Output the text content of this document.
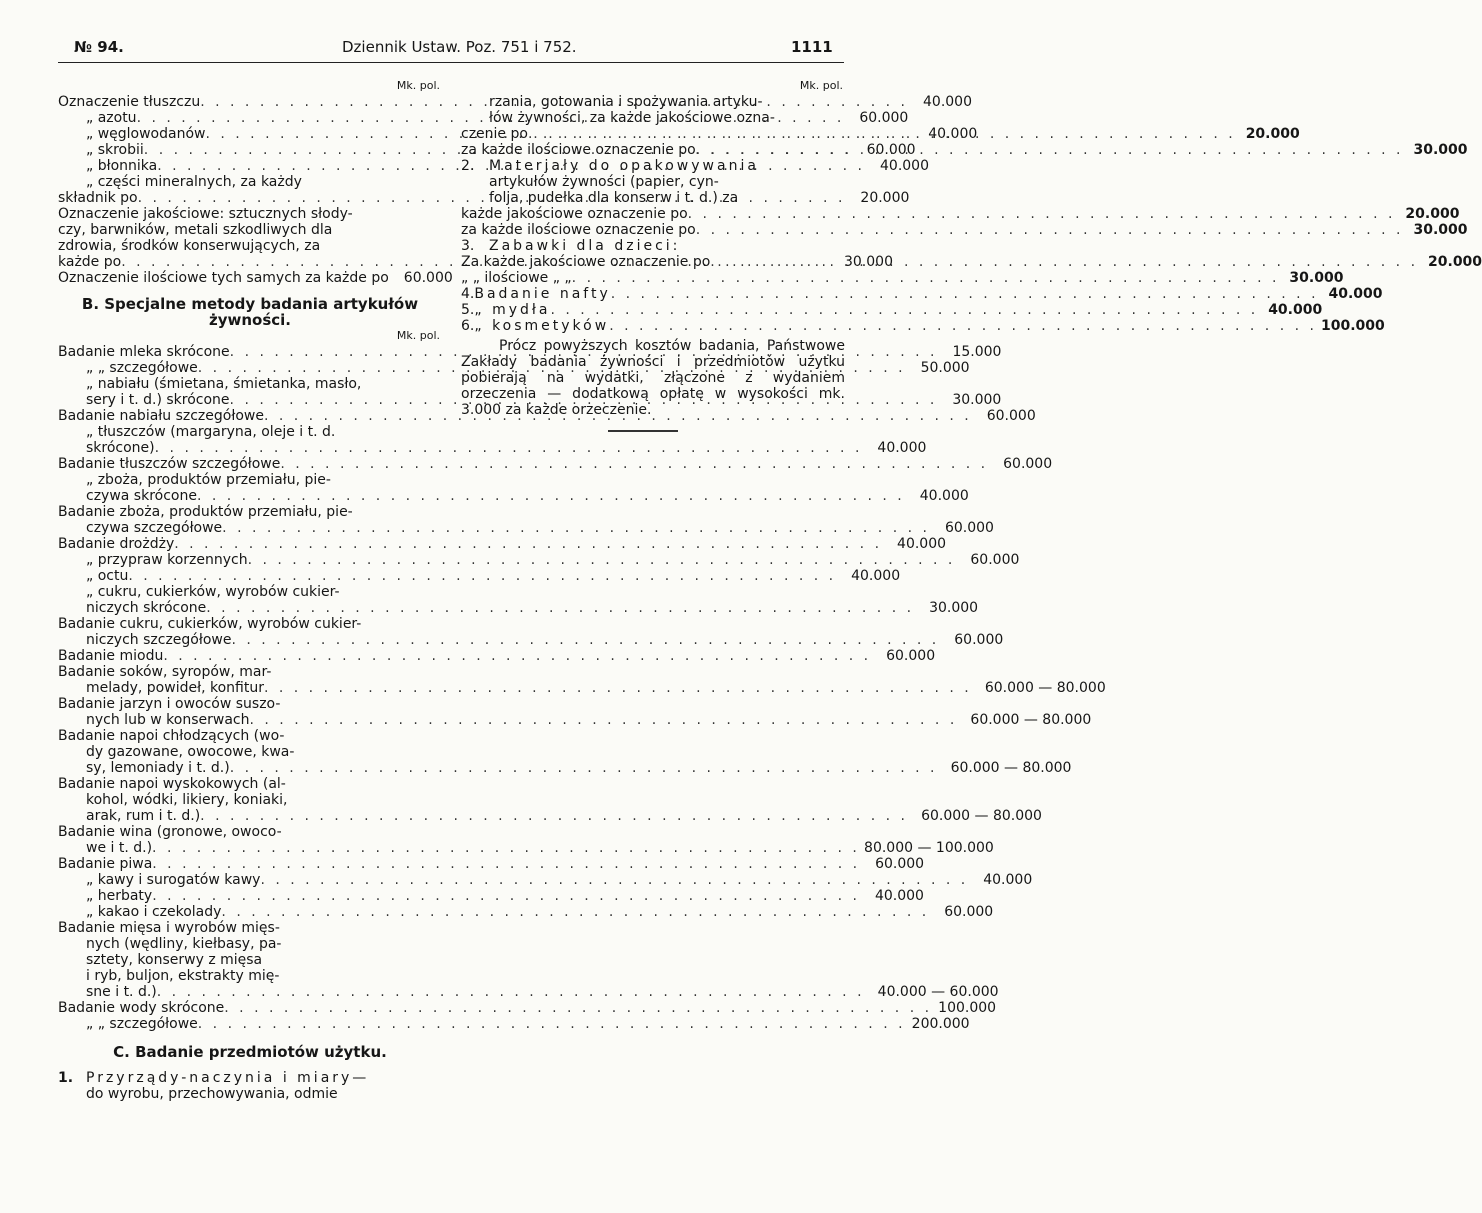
№ 94.	Dziennik Ustaw. Poz. 751 i 752.	1111
Mk. pol.
Oznaczenie tłuszczu . . .	40.000
„ azotu . . .	60.000
„ węglowodanów . . .	40.000
„ skrobii . . .	60.000
„ błonnika . . .	40.000
„ części mineralnych, za każdy
składnik po . . .	20.000
Oznaczenie jakościowe: sztucznych słody-
czy, barwników, metali szkodliwych dla
zdrowia, środków konserwujących, za
każde po . . .	30.000
Oznaczenie ilościowe tych samych za każde po	60.000
B. Specjalne metody badania artykułów
żywności.
Mk. pol.
Badanie mleka skrócone . . .	15.000
„ „ szczegółowe . . .	50.000
„ nabiału (śmietana, śmietanka, masło,
sery i t. d.) skrócone . . .	30.000
Badanie nabiału szczegółowe . . .	60.000
„ tłuszczów (margaryna, oleje i t. d.
skrócone) . . .	40.000
Badanie tłuszczów szczegółowe . . .	60.000
„ zboża, produktów przemiału, pie-
czywa skrócone . . .	40.000
Badanie zboża, produktów przemiału, pie-
czywa szczegółowe . . .	60.000
Badanie drożdży . . .	40.000
„ przypraw korzennych . . .	60.000
„ octu . . .	40.000
„ cukru, cukierków, wyrobów cukier-
niczych skrócone . . .	30.000
Badanie cukru, cukierków, wyrobów cukier-
niczych szczegółowe . . .	60.000
Badanie miodu . . .	60.000
Badanie soków, syropów, mar-
melady, powideł, konfitur . . .	60.000 — 80.000
Badanie jarzyn i owoców suszo-
nych lub w konserwach . . .	60.000 — 80.000
Badanie napoi chłodzących (wo-
dy gazowane, owocowe, kwa-
sy, lemoniady i t. d.) . . .	60.000 — 80.000
Badanie napoi wyskokowych (al-
kohol, wódki, likiery, koniaki,
arak, rum i t. d.) . . .	60.000 — 80.000
Badanie wina (gronowe, owoco-
we i t. d.) . . .	80.000 — 100.000
Badanie piwa . . .	60.000
„ kawy i surogatów kawy . . .	40.000
„ herbaty . . .	40.000
„ kakao i czekolady . . .	60.000
Badanie mięsa i wyrobów mięs-
nych (wędliny, kiełbasy, pa-
sztety, konserwy z mięsa
i ryb, buljon, ekstrakty mię-
sne i t. d.) . . .	40.000 — 60.000
Badanie wody skrócone . . .	100.000
„ „ szczegółowe . . .	200.000
C. Badanie przedmiotów użytku.
1. Przyrządy-naczynia i miary—
do wyrobu, przechowywania, odmie
Mk. pol.
rzania, gotowania i spożywania artyku-
łów żywności, za każde jakościowe ozna-
czenie po . . .	20.000
za każde ilościowe oznaczenie po . . .	30.000
2. Materjały do opakowywania
artykułów żywności (papier, cyn-
folja, pudełka dla konserw i t. d.) za
każde jakościowe oznaczenie po . . .	20.000
za każde ilościowe oznaczenie po . . .	30.000
3. Zabawki dla dzieci:
Za każde jakościowe oznaczenie po . . .	20.000
„ „ ilościowe „ „ . . .	30.000
4. Badanie nafty . . .	40.000
5. „ mydła . . .	40.000
6. „ kosmetyków . . .	100.000
Prócz powyższych kosztów badania, Państwowe Zakłady badania żywności i przedmiotów użytku pobierają na wydatki, złączone z wydaniem orzeczenia — dodatkową opłatę w wysokości mk. 3.000 za każde orzeczenie.
